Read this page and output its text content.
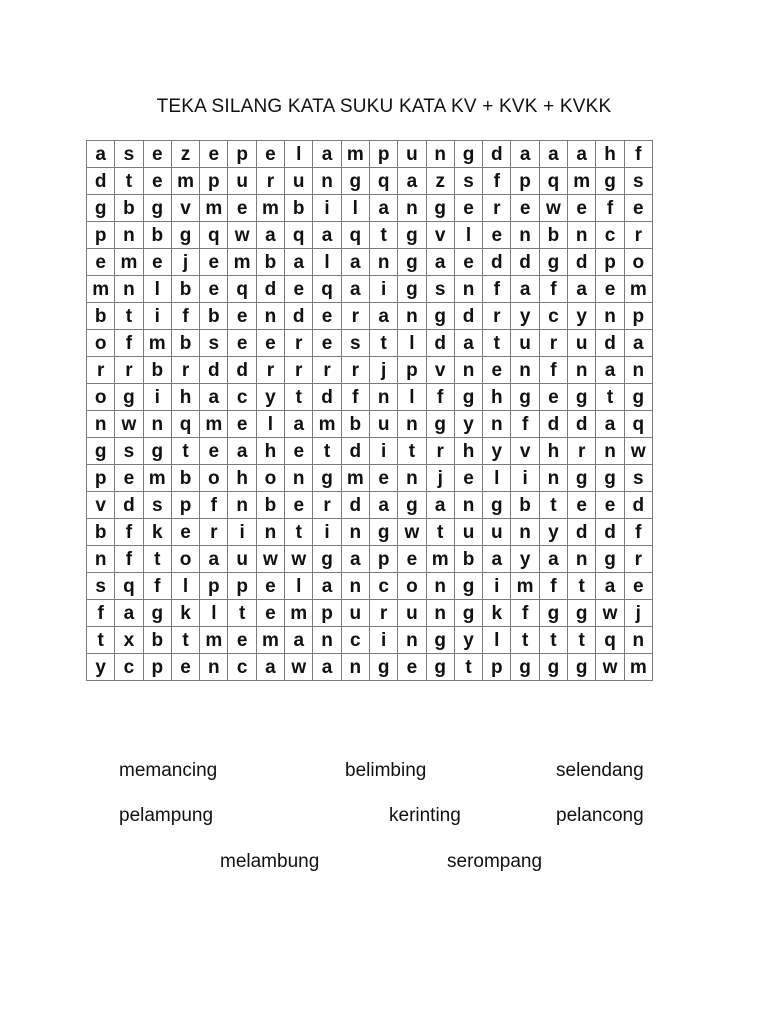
TEKA SILANG KATA SUKU KATA KV + KVK + KVKK
a	s	e	z	e	p	e	l	a	m	p	u	n	g	d	a	a	a	h	f
d	t	e	m	p	u	r	u	n	g	q	a	z	s	f	p	q	m	g	s
g	b	g	v	m	e	m	b	i	l	a	n	g	e	r	e	w	e	f	e
p	n	b	g	q	w	a	q	a	q	t	g	v	l	e	n	b	n	c	r
e	m	e	j	e	m	b	a	l	a	n	g	a	e	d	d	g	d	p	o
m	n	l	b	e	q	d	e	q	a	i	g	s	n	f	a	f	a	e	m
b	t	i	f	b	e	n	d	e	r	a	n	g	d	r	y	c	y	n	p
o	f	m	b	s	e	e	r	e	s	t	l	d	a	t	u	r	u	d	a
r	r	b	r	d	d	r	r	r	r	j	p	v	n	e	n	f	n	a	n
o	g	i	h	a	c	y	t	d	f	n	l	f	g	h	g	e	g	t	g
n	w	n	q	m	e	l	a	m	b	u	n	g	y	n	f	d	d	a	q
g	s	g	t	e	a	h	e	t	d	i	t	r	h	y	v	h	r	n	w
p	e	m	b	o	h	o	n	g	m	e	n	j	e	l	i	n	g	g	s
v	d	s	p	f	n	b	e	r	d	a	g	a	n	g	b	t	e	e	d
b	f	k	e	r	i	n	t	i	n	g	w	t	u	u	n	y	d	d	f
n	f	t	o	a	u	w	w	g	a	p	e	m	b	a	y	a	n	g	r
s	q	f	l	p	p	e	l	a	n	c	o	n	g	i	m	f	t	a	e
f	a	g	k	l	t	e	m	p	u	r	u	n	g	k	f	g	g	w	j
t	x	b	t	m	e	m	a	n	c	i	n	g	y	l	t	t	t	q	n
y	c	p	e	n	c	a	w	a	n	g	e	g	t	p	g	g	g	w	m
memancing	belimbing	selendang
pelampung	kerinting	pelancong
melambung	serompang
